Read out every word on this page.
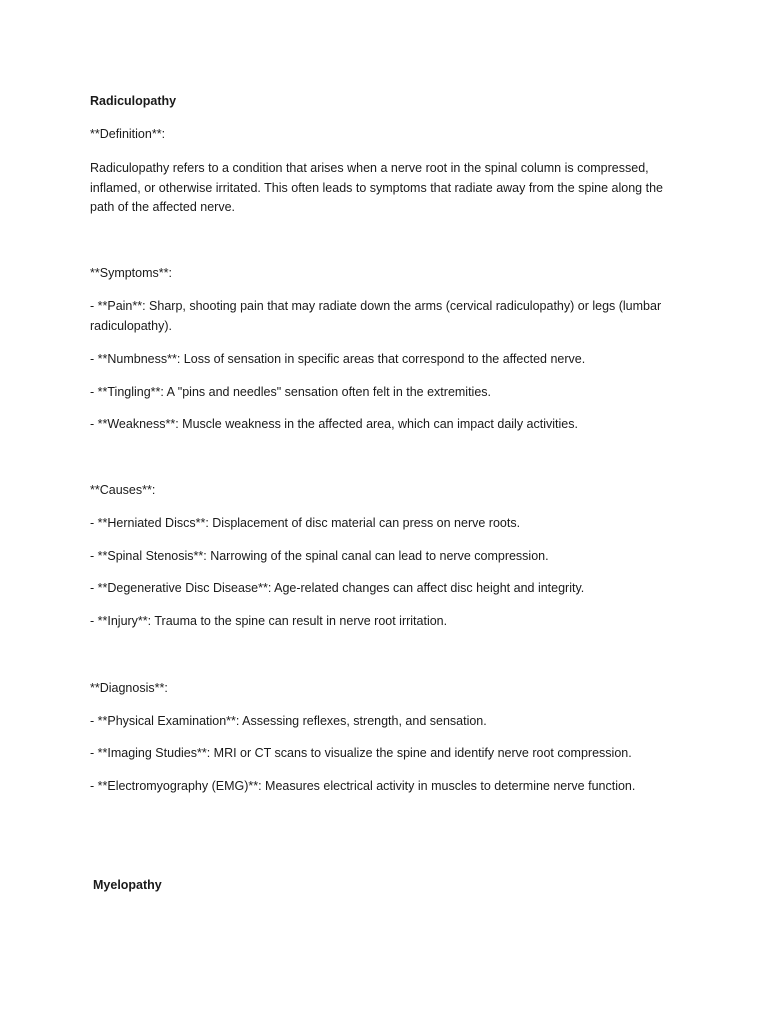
Radiculopathy
**Definition**:
Radiculopathy refers to a condition that arises when a nerve root in the spinal column is compressed, inflamed, or otherwise irritated. This often leads to symptoms that radiate away from the spine along the path of the affected nerve.
**Symptoms**:
- **Pain**: Sharp, shooting pain that may radiate down the arms (cervical radiculopathy) or legs (lumbar radiculopathy).
- **Numbness**: Loss of sensation in specific areas that correspond to the affected nerve.
- **Tingling**: A "pins and needles" sensation often felt in the extremities.
- **Weakness**: Muscle weakness in the affected area, which can impact daily activities.
**Causes**:
- **Herniated Discs**: Displacement of disc material can press on nerve roots.
- **Spinal Stenosis**: Narrowing of the spinal canal can lead to nerve compression.
- **Degenerative Disc Disease**: Age-related changes can affect disc height and integrity.
- **Injury**: Trauma to the spine can result in nerve root irritation.
**Diagnosis**:
- **Physical Examination**: Assessing reflexes, strength, and sensation.
- **Imaging Studies**: MRI or CT scans to visualize the spine and identify nerve root compression.
- **Electromyography (EMG)**: Measures electrical activity in muscles to determine nerve function.
Myelopathy
